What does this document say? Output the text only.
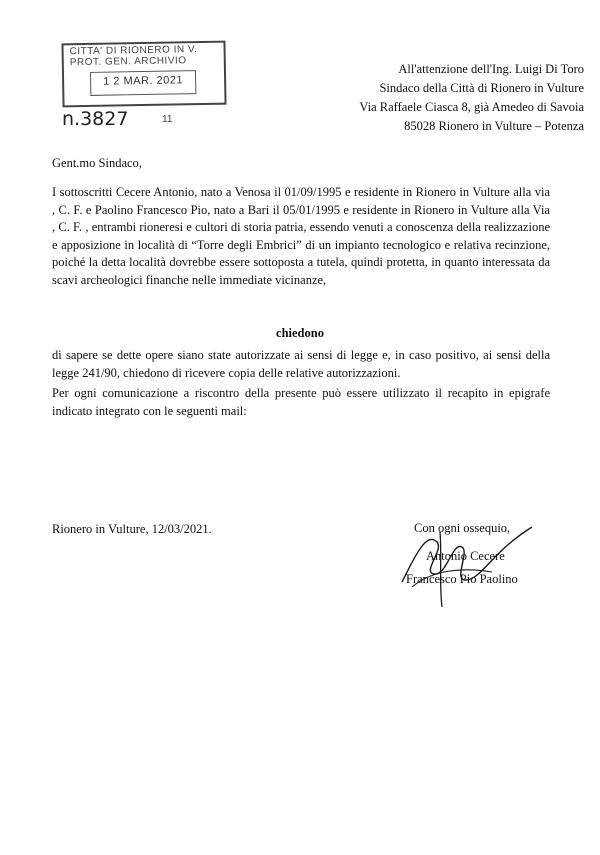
CITTA' DI RIONERO IN V.
PROT. GEN. ARCHIVIO
1 2 MAR. 2021
n.3827	11
All'attenzione dell'Ing. Luigi Di Toro
Sindaco della Città di Rionero in Vulture
Via Raffaele Ciasca 8, già Amedeo di Savoia
85028 Rionero in Vulture – Potenza
Gent.mo Sindaco,
I sottoscritti Cecere Antonio, nato a Venosa il 01/09/1995 e residente in Rionero in Vulture alla via , C. F. e Paolino Francesco Pio, nato a Bari il 05/01/1995 e residente in Rionero in Vulture alla Via , C. F. , entrambi rioneresi e cultori di storia patria, essendo venuti a conoscenza della realizzazione e apposizione in località di “Torre degli Embrici” di un impianto tecnologico e relativa recinzione, poiché la detta località dovrebbe essere sottoposta a tutela, quindi protetta, in quanto interessata da scavi archeologici finanche nelle immediate vicinanze,
chiedono
di sapere se dette opere siano state autorizzate ai sensi di legge e, in caso positivo, ai sensi della legge 241/90, chiedono di ricevere copia delle relative autorizzazioni.
Per ogni comunicazione a riscontro della presente può essere utilizzato il recapito in epigrafe indicato integrato con le seguenti mail:
Rionero in Vulture, 12/03/2021.	Con ogni ossequio,
Antonio Cecere
Francesco Pio Paolino
